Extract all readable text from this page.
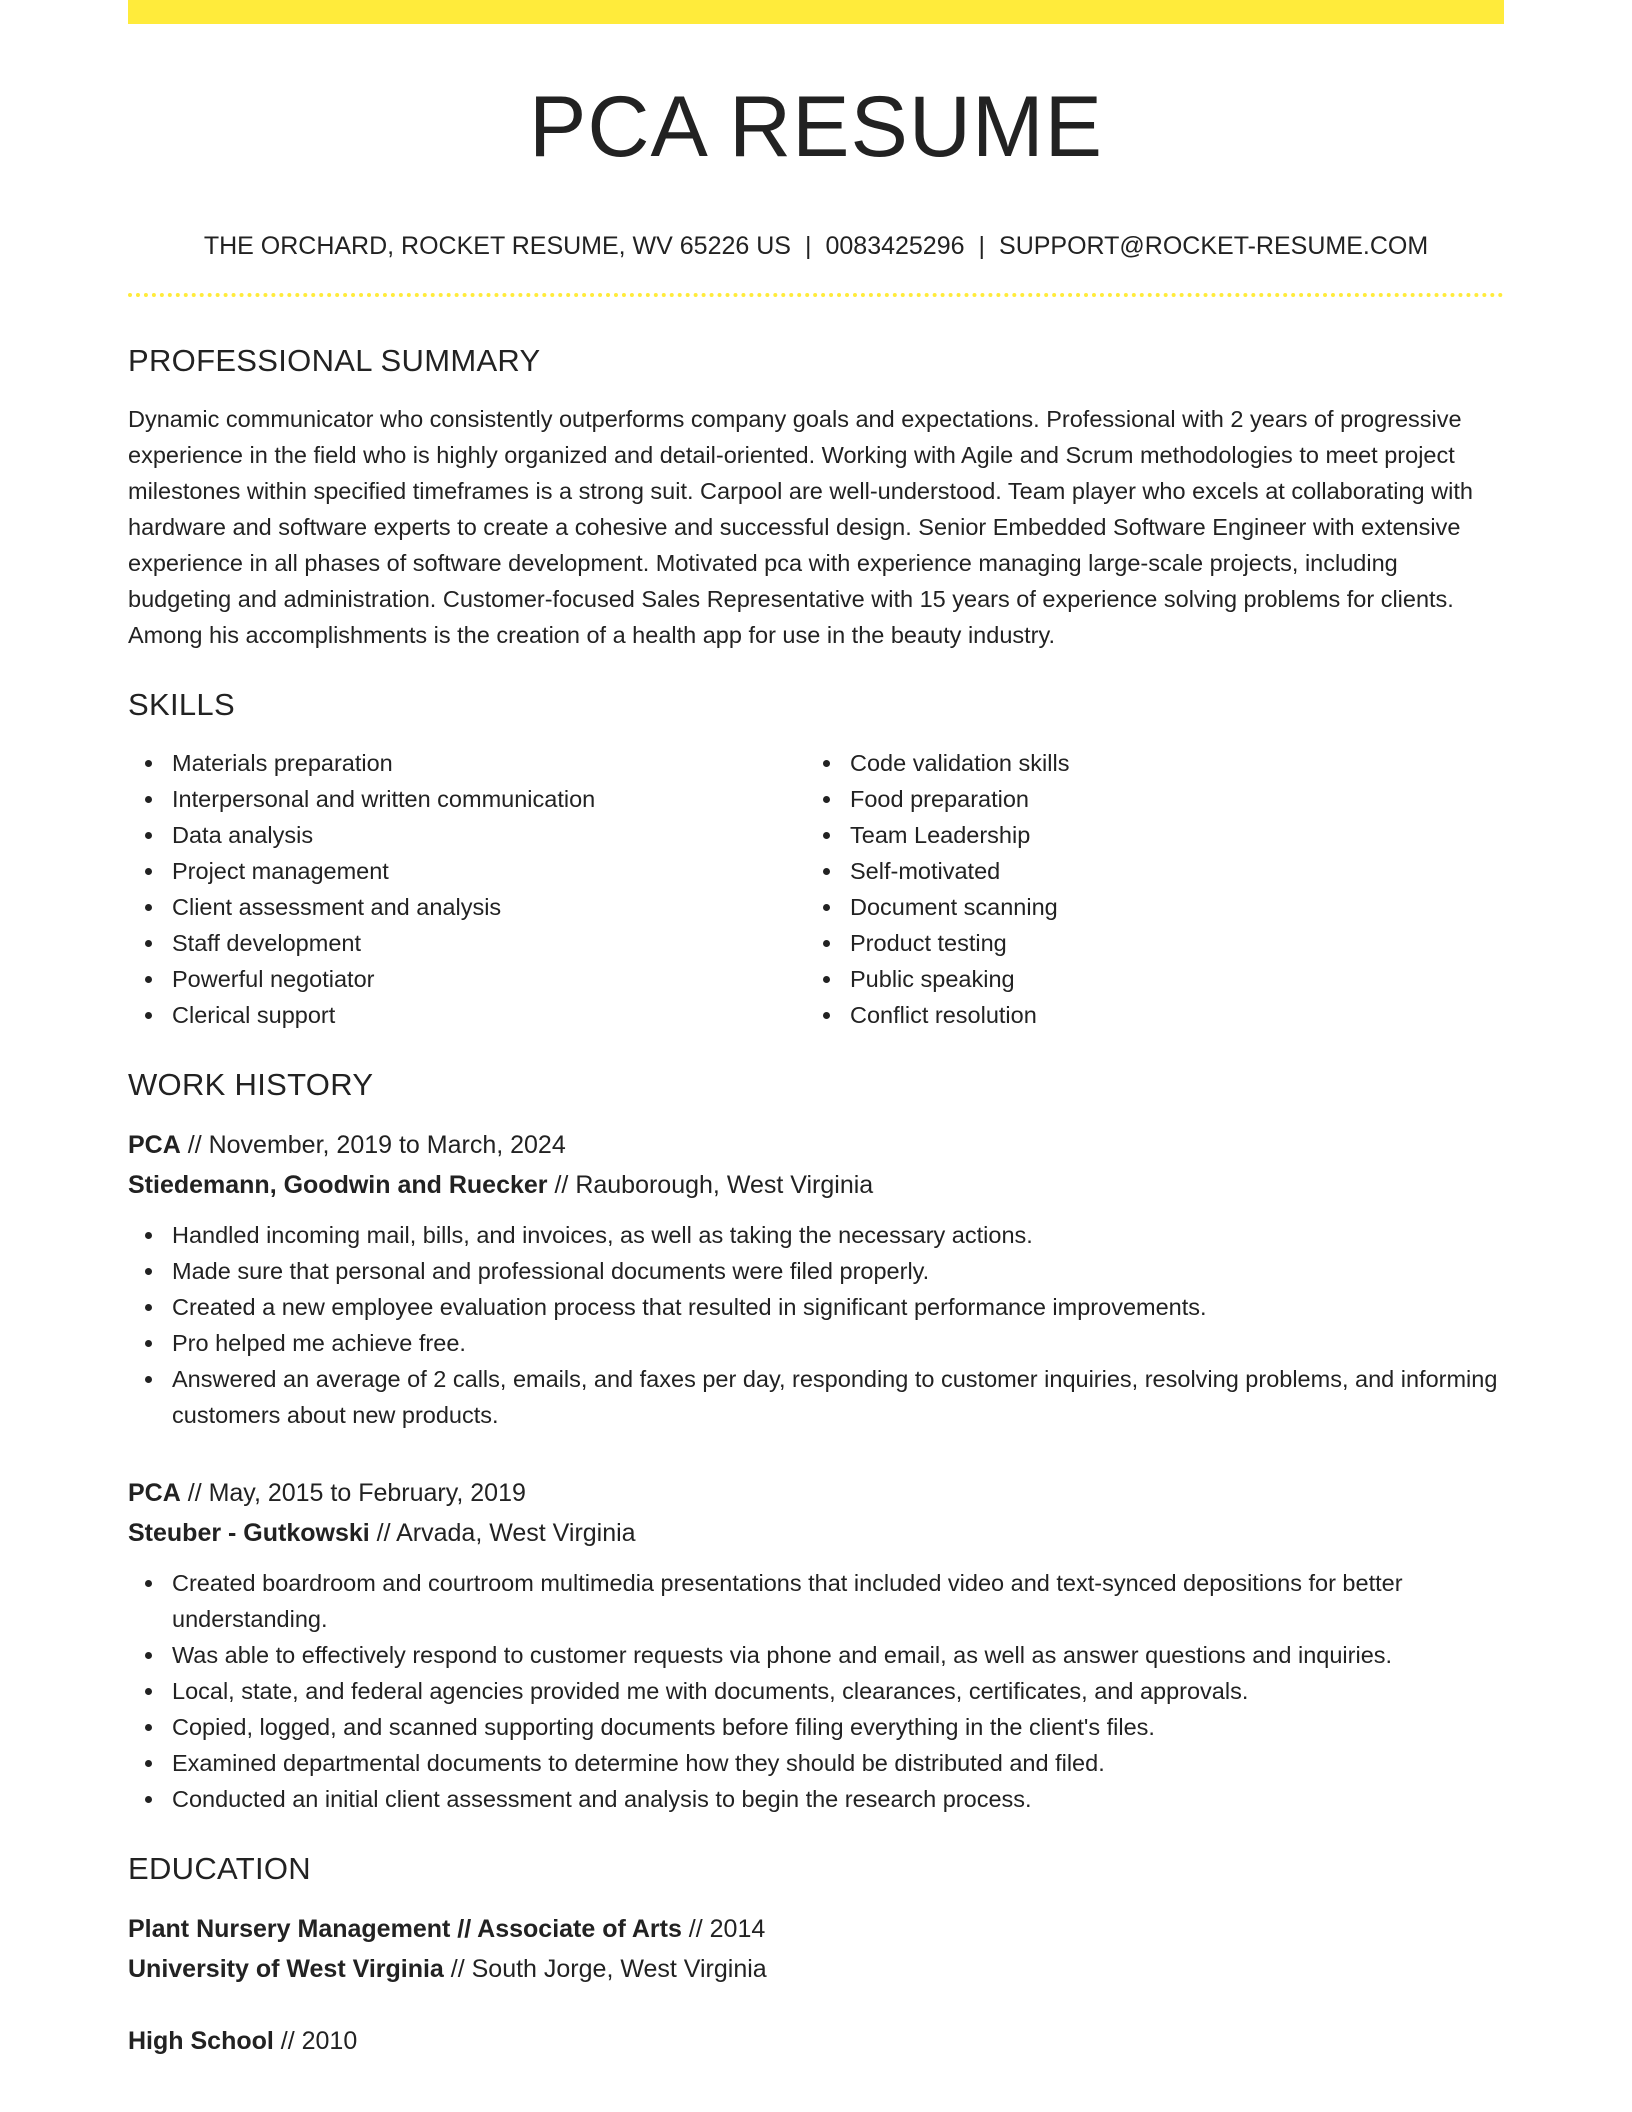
PCA RESUME
THE ORCHARD, ROCKET RESUME, WV 65226 US | 0083425296 | SUPPORT@ROCKET-RESUME.COM
PROFESSIONAL SUMMARY
Dynamic communicator who consistently outperforms company goals and expectations. Professional with 2 years of progressive experience in the field who is highly organized and detail-oriented. Working with Agile and Scrum methodologies to meet project milestones within specified timeframes is a strong suit. Carpool are well-understood. Team player who excels at collaborating with hardware and software experts to create a cohesive and successful design. Senior Embedded Software Engineer with extensive experience in all phases of software development. Motivated pca with experience managing large-scale projects, including budgeting and administration. Customer-focused Sales Representative with 15 years of experience solving problems for clients. Among his accomplishments is the creation of a health app for use in the beauty industry.
SKILLS
Materials preparation
Interpersonal and written communication
Data analysis
Project management
Client assessment and analysis
Staff development
Powerful negotiator
Clerical support
Code validation skills
Food preparation
Team Leadership
Self-motivated
Document scanning
Product testing
Public speaking
Conflict resolution
WORK HISTORY
PCA // November, 2019 to March, 2024
Stiedemann, Goodwin and Ruecker // Rauborough, West Virginia
Handled incoming mail, bills, and invoices, as well as taking the necessary actions.
Made sure that personal and professional documents were filed properly.
Created a new employee evaluation process that resulted in significant performance improvements.
Pro helped me achieve free.
Answered an average of 2 calls, emails, and faxes per day, responding to customer inquiries, resolving problems, and informing customers about new products.
PCA // May, 2015 to February, 2019
Steuber - Gutkowski // Arvada, West Virginia
Created boardroom and courtroom multimedia presentations that included video and text-synced depositions for better understanding.
Was able to effectively respond to customer requests via phone and email, as well as answer questions and inquiries.
Local, state, and federal agencies provided me with documents, clearances, certificates, and approvals.
Copied, logged, and scanned supporting documents before filing everything in the client's files.
Examined departmental documents to determine how they should be distributed and filed.
Conducted an initial client assessment and analysis to begin the research process.
EDUCATION
Plant Nursery Management // Associate of Arts // 2014
University of West Virginia // South Jorge, West Virginia
High School // 2010
